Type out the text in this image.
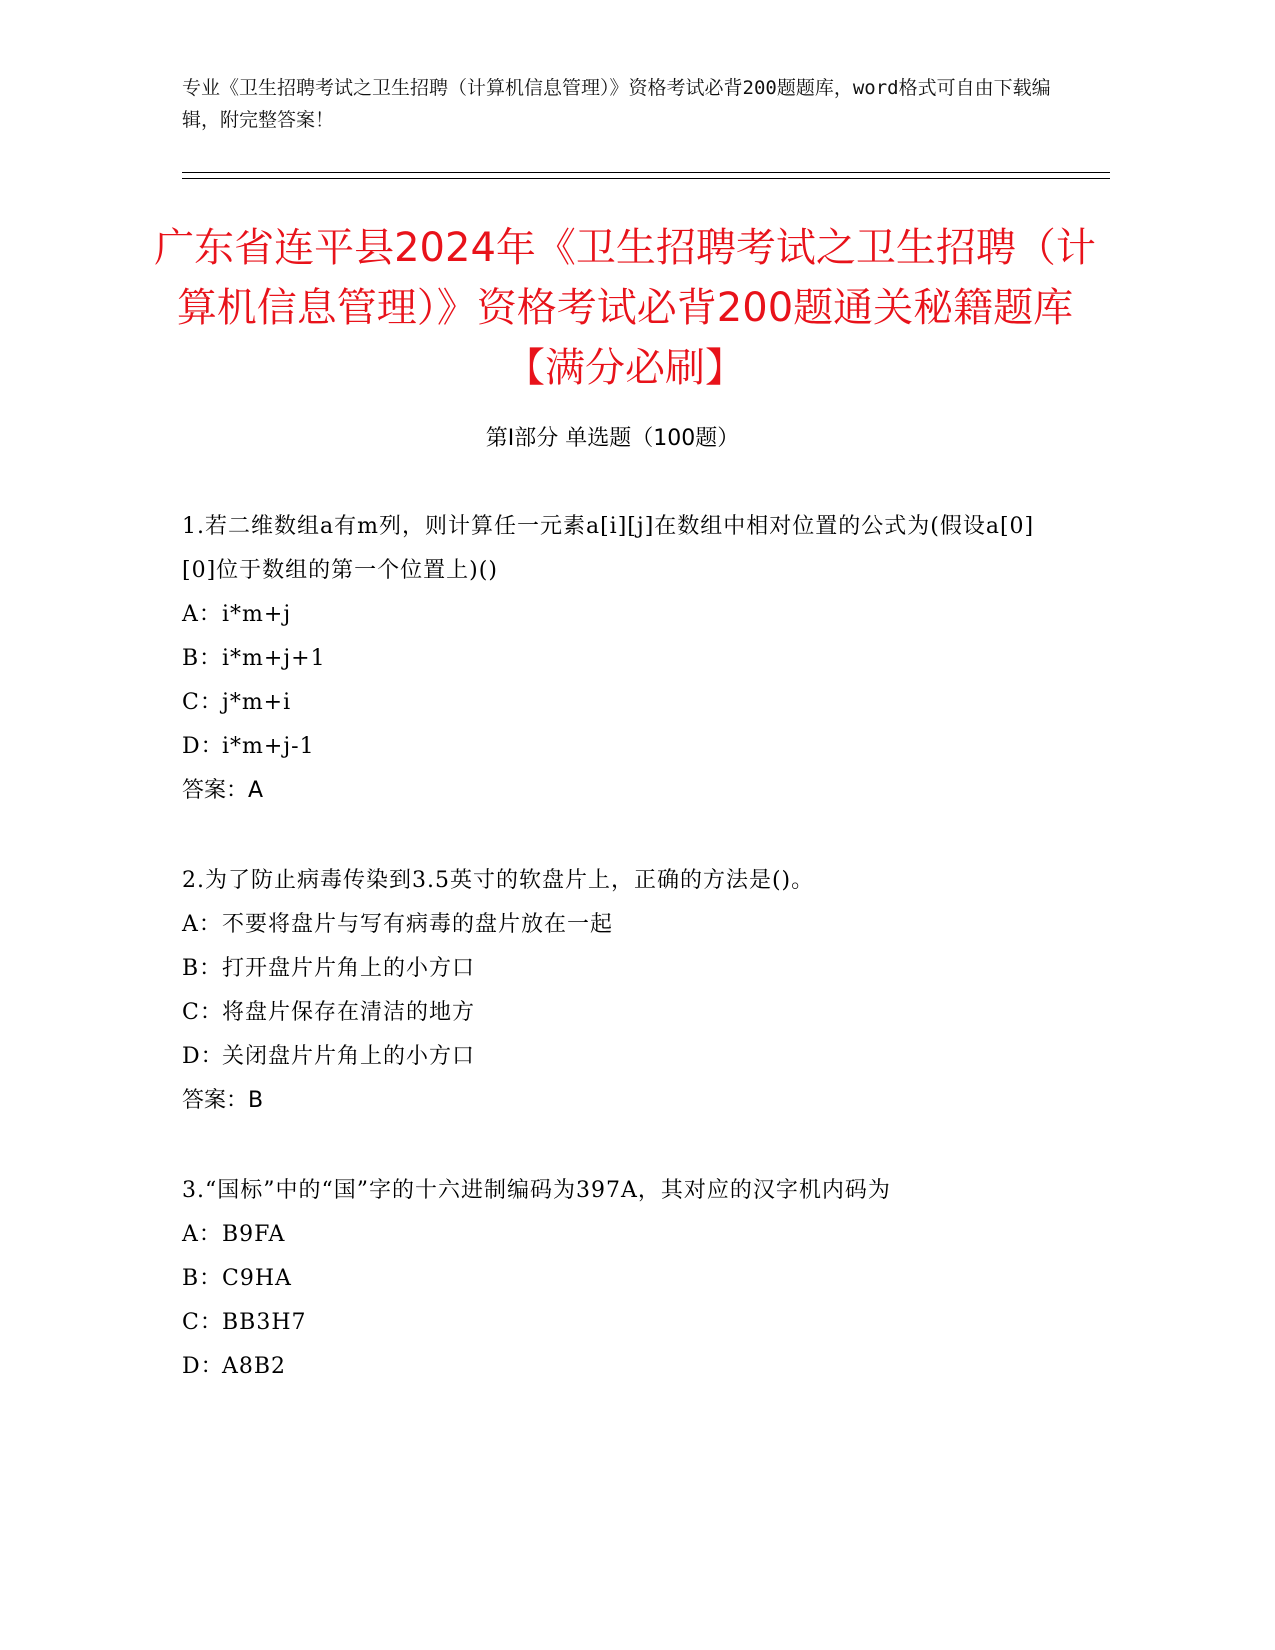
专业《卫生招聘考试之卫生招聘（计算机信息管理）》资格考试必背200题题库，word格式可自由下载编辑，附完整答案！
广东省连平县2024年《卫生招聘考试之卫生招聘（计算机信息管理）》资格考试必背200题通关秘籍题库【满分必刷】
第I部分 单选题（100题）
1.若二维数组a有m列，则计算任一元素a[i][j]在数组中相对位置的公式为(假设a[0][0]位于数组的第一个位置上)()
A：i*m+j
B：i*m+j+1
C：j*m+i
D：i*m+j-1
答案：A
2.为了防止病毒传染到3.5英寸的软盘片上，正确的方法是()。
A：不要将盘片与写有病毒的盘片放在一起
B：打开盘片片角上的小方口
C：将盘片保存在清洁的地方
D：关闭盘片片角上的小方口
答案：B
3.“国标”中的“国”字的十六进制编码为397A，其对应的汉字机内码为
A：B9FA
B：C9HA
C：BB3H7
D：A8B2
